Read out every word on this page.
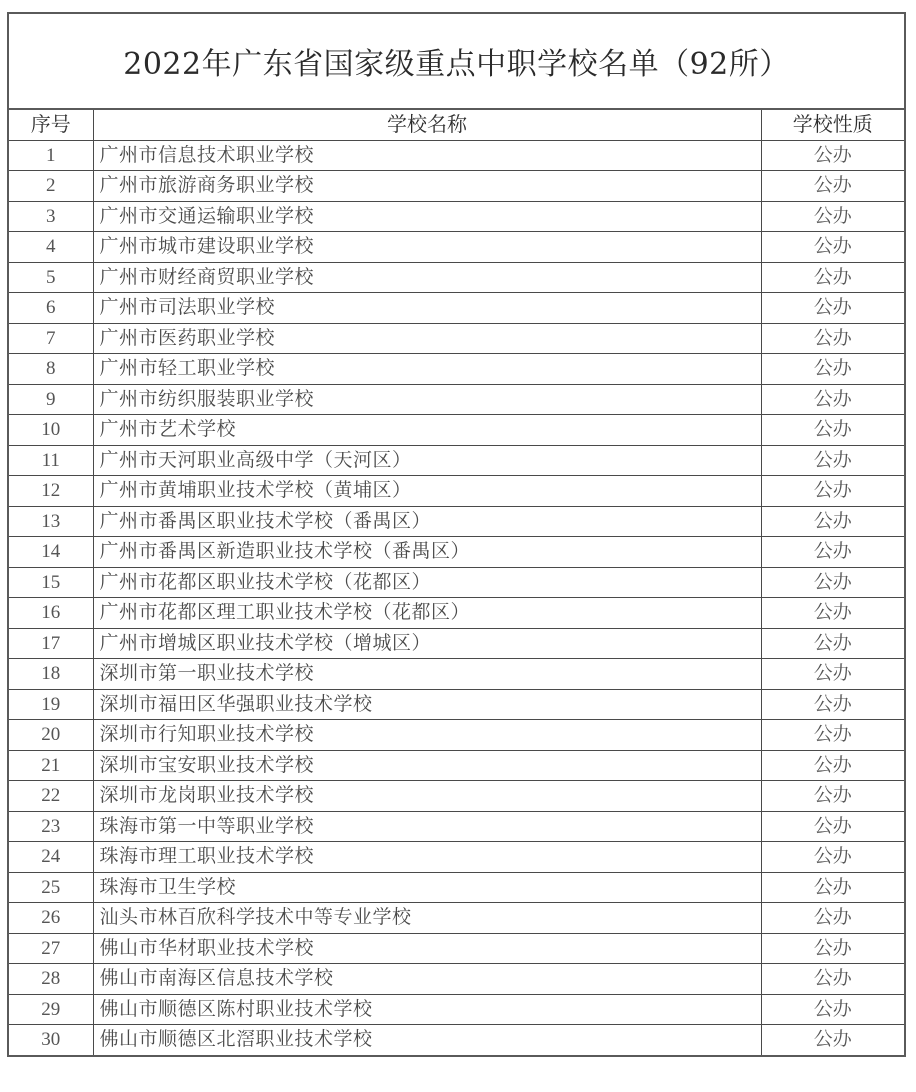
2022年广东省国家级重点中职学校名单（92所）
序号	学校名称	学校性质
1	广州市信息技术职业学校	公办
2	广州市旅游商务职业学校	公办
3	广州市交通运输职业学校	公办
4	广州市城市建设职业学校	公办
5	广州市财经商贸职业学校	公办
6	广州市司法职业学校	公办
7	广州市医药职业学校	公办
8	广州市轻工职业学校	公办
9	广州市纺织服装职业学校	公办
10	广州市艺术学校	公办
11	广州市天河职业高级中学（天河区）	公办
12	广州市黄埔职业技术学校（黄埔区）	公办
13	广州市番禺区职业技术学校（番禺区）	公办
14	广州市番禺区新造职业技术学校（番禺区）	公办
15	广州市花都区职业技术学校（花都区）	公办
16	广州市花都区理工职业技术学校（花都区）	公办
17	广州市增城区职业技术学校（增城区）	公办
18	深圳市第一职业技术学校	公办
19	深圳市福田区华强职业技术学校	公办
20	深圳市行知职业技术学校	公办
21	深圳市宝安职业技术学校	公办
22	深圳市龙岗职业技术学校	公办
23	珠海市第一中等职业学校	公办
24	珠海市理工职业技术学校	公办
25	珠海市卫生学校	公办
26	汕头市林百欣科学技术中等专业学校	公办
27	佛山市华材职业技术学校	公办
28	佛山市南海区信息技术学校	公办
29	佛山市顺德区陈村职业技术学校	公办
30	佛山市顺德区北滘职业技术学校	公办
